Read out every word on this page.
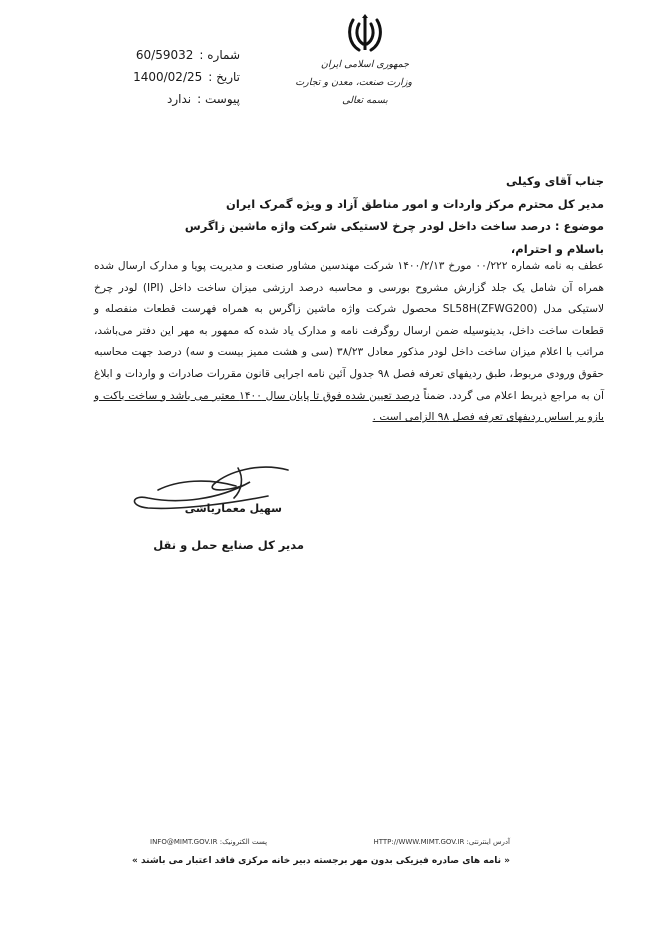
شماره :
60/59032
تاریخ :
1400/02/25
پیوست :
ندارد
جمهوری اسلامی ایران
وزارت صنعت، معدن و تجارت
بسمه تعالی
جناب آقای وکیلی
مدیر کل محترم مرکز واردات و امور مناطق آزاد و ویژه گمرک ایران
موضوع : درصد ساخت داخل لودر چرخ لاستیکی شرکت واژه ماشین زاگرس
باسلام و احترام،
عطف به نامه شماره ۰۰/۲۲۲ مورخ ۱۴۰۰/۲/۱۳ شرکت مهندسین مشاور صنعت و مدیریت پویا و مدارک ارسال شده همراه آن شامل یک جلد گزارش مشروح بورسی و محاسبه درصد ارزشی میزان ساخت داخل (IPI) لودر چرخ لاستیکی مدل SL58H(ZFWG200) محصول شرکت واژه ماشین زاگرس به همراه فهرست قطعات منفصله و قطعات ساخت داخل، بدینوسیله ضمن ارسال روگرفت نامه و مدارک یاد شده که ممهور به مهر این دفتر می‌باشد، مراتب با اعلام میزان ساخت داخل لودر مذکور معادل ۳۸/۲۳ (سی و هشت ممیز بیست و سه) درصد جهت محاسبه حقوق ورودی مربوط، طبق ردیفهای تعرفه فصل ۹۸ جدول آئین نامه اجرایی قانون مقررات صادرات و واردات و ابلاغ آن به مراجع ذیربط اعلام می گردد. ضمناً درصد تعیین شده فوق تا پایان سال ۱۴۰۰ معتبر می باشد و ساخت باکت و بازو بر اساس ردیفهای تعرفه فصل ۹۸ الزامی است .
سهیل معماریاشی
مدیر کل صنایع حمل و نقل
آدرس اینترنتی: HTTP://WWW.MIMT.GOV.IR
پست الکترونیک: INFO@MIMT.GOV.IR
« نامه های صادره فیزیکی بدون مهر برجسته دبیر خانه مرکزی فاقد اعتبار می باشند »
